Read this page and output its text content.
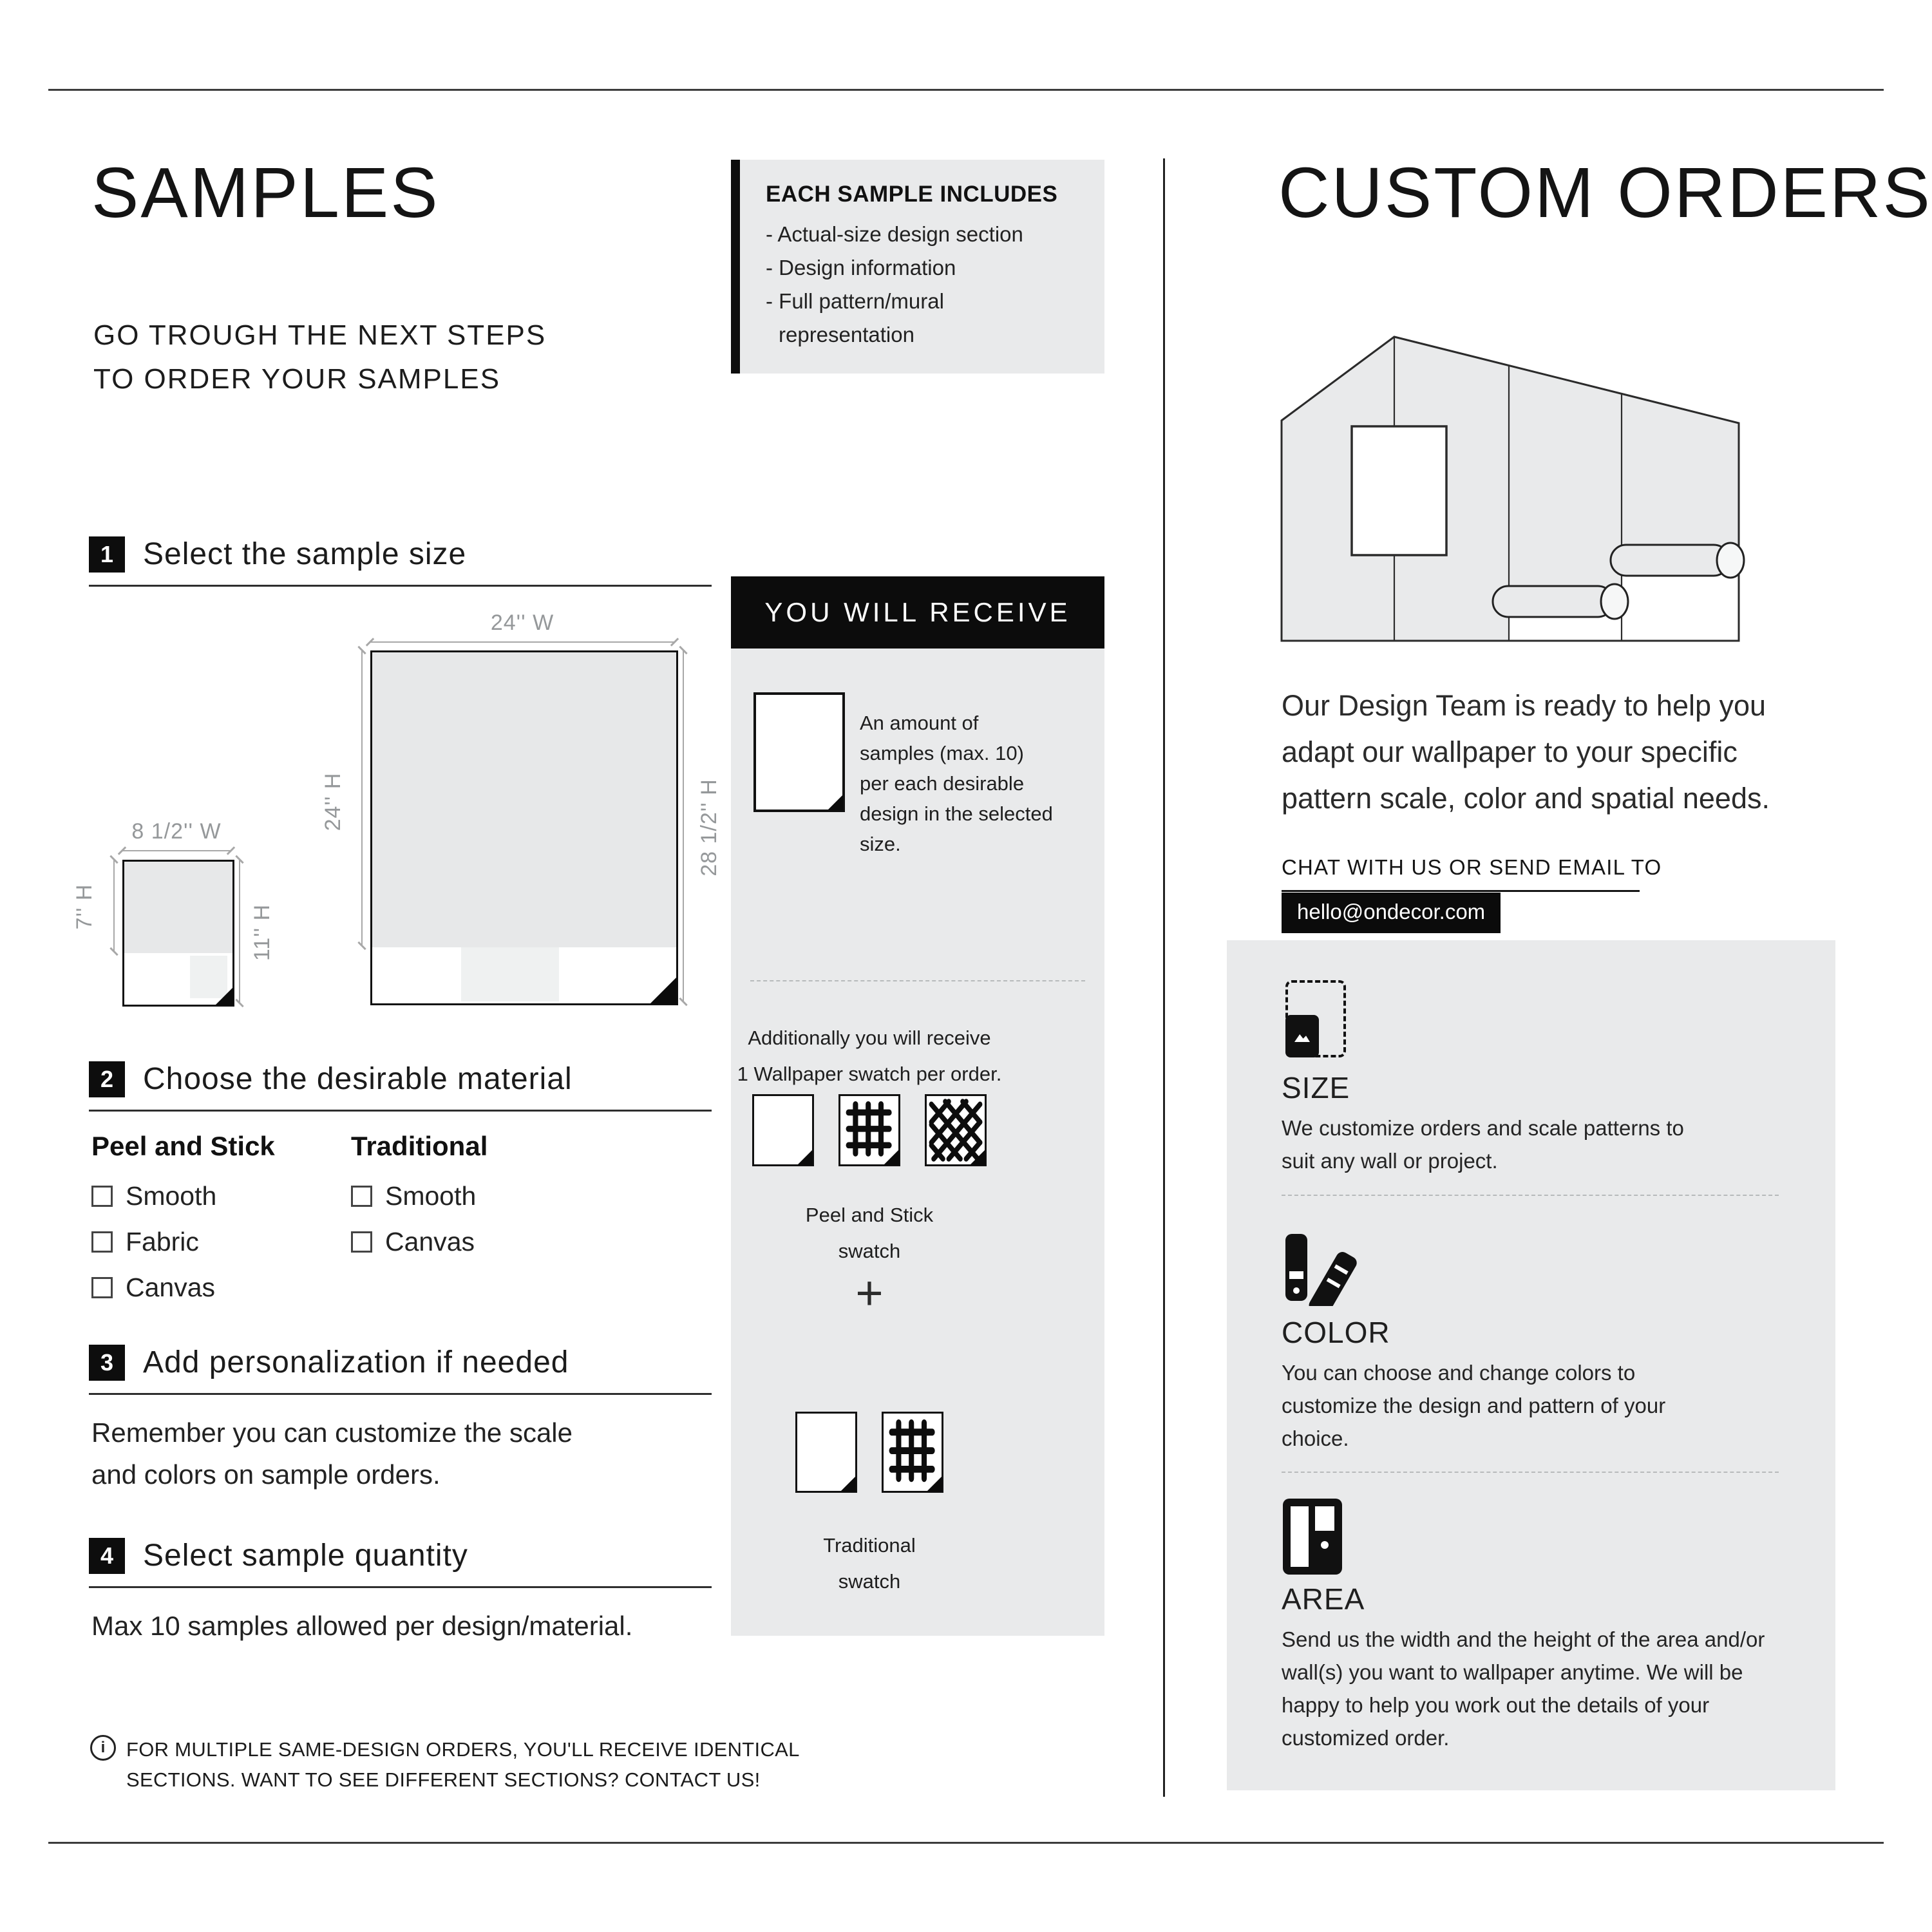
SAMPLES
GO TROUGH THE NEXT STEPS
TO ORDER YOUR SAMPLES
1 Select the sample size
24'' W
24'' H	28 1/2'' H
8 1/2'' W
7'' H	11'' H
2 Choose the desirable material
Peel and Stick
Smooth
Fabric
Canvas
Traditional
Smooth
Canvas
3 Add personalization if needed
Remember you can customize the scale and colors on sample orders.
4 Select sample quantity
Max 10 samples allowed per design/material.
i	FOR MULTIPLE SAME-DESIGN ORDERS, YOU'LL RECEIVE IDENTICAL
SECTIONS. WANT TO SEE DIFFERENT SECTIONS? CONTACT US!
EACH SAMPLE INCLUDES
- Actual-size design section
- Design information
- Full pattern/mural
representation
YOU WILL RECEIVE
An amount of samples (max. 10) per each desirable design in the selected size.
Additionally you will receive
1 Wallpaper swatch per order.
Peel and Stick
swatch
+
Traditional
swatch
CUSTOM ORDERS
Our Design Team is ready to help you adapt our wallpaper to your specific pattern scale, color and spatial needs.
CHAT WITH US OR SEND EMAIL TO
hello@ondecor.com
SIZE
We customize orders and scale patterns to suit any wall or project.
COLOR
You can choose and change colors to customize the design and pattern of your choice.
AREA
Send us the width and the height of the area and/or wall(s) you want to wallpaper anytime. We will be happy to help you work out the details of your customized order.
